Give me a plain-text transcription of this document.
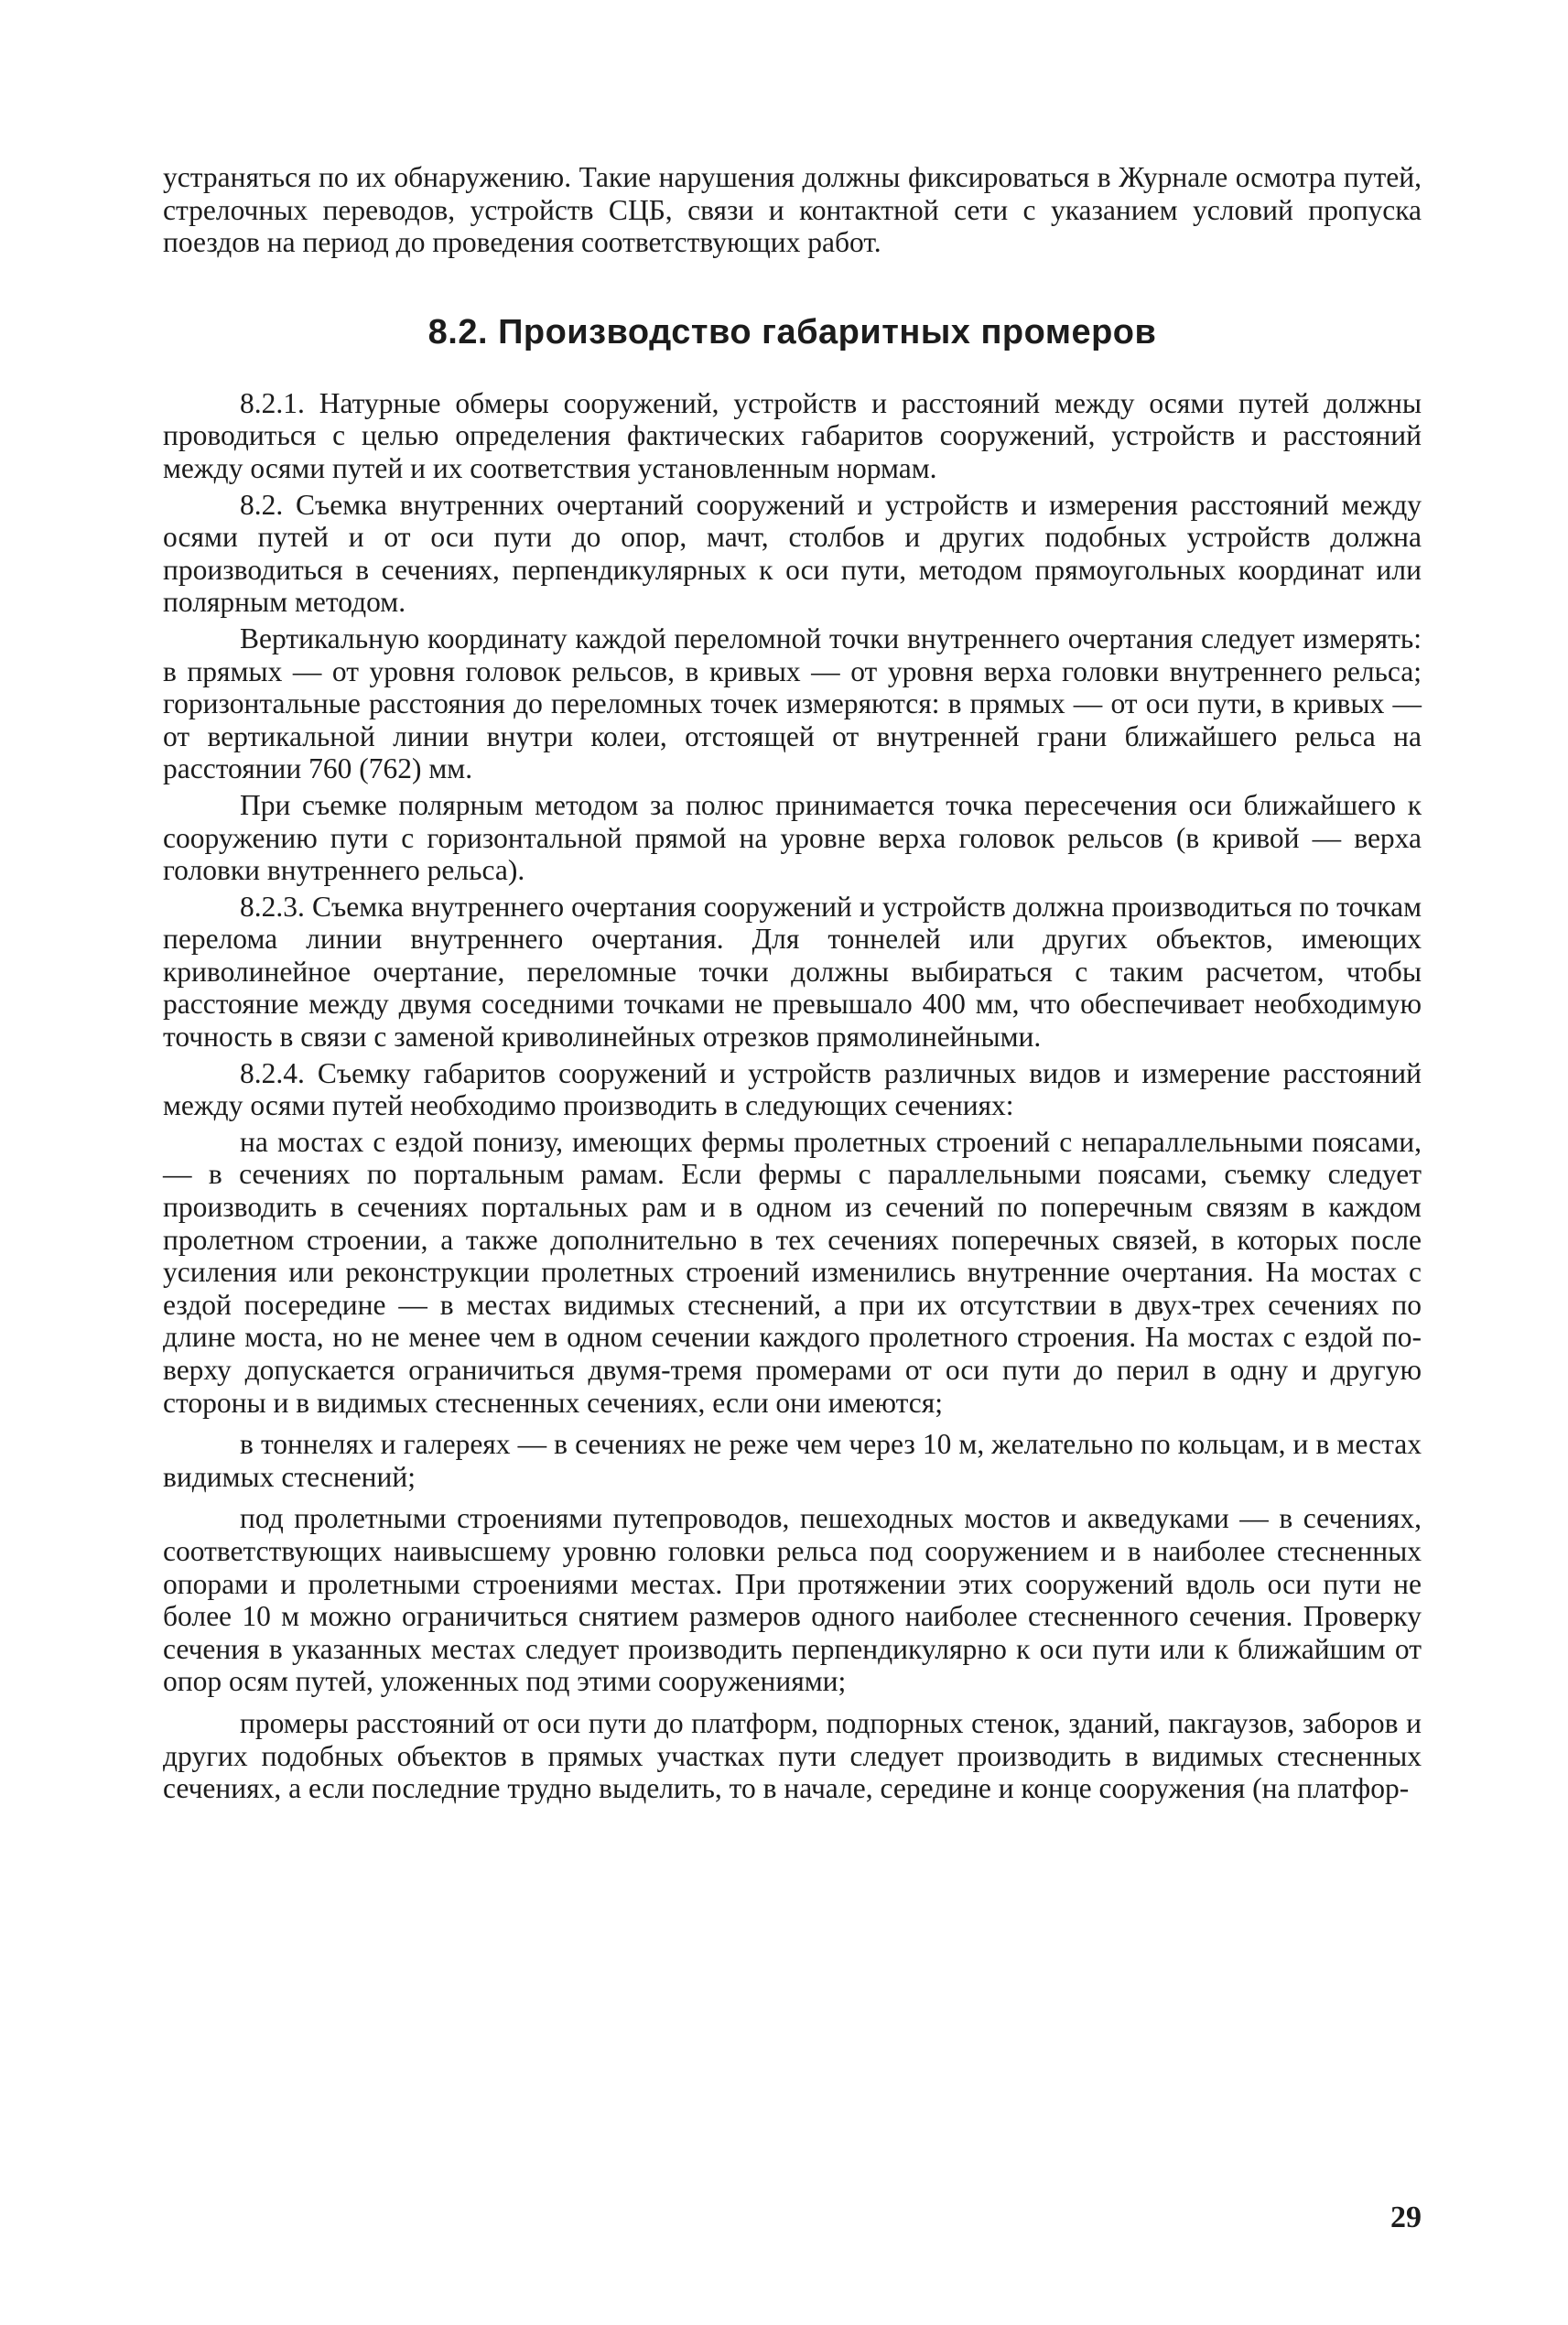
устраняться по их обнаружению. Такие нарушения должны фиксироваться в Журнале осмотра путей, стрелочных переводов, устройств СЦБ, связи и контактной сети с указанием условий пропуска поездов на период до проведения соответствующих работ.

8.2. Производство габаритных промеров

8.2.1. Натурные обмеры сооружений, устройств и расстояний между осями путей должны проводиться с целью определения фактических габаритов сооружений, устройств и расстояний между осями путей и их соответствия установленным нормам.

8.2. Съемка внутренних очертаний сооружений и устройств и измерения расстояний между осями путей и от оси пути до опор, мачт, столбов и других подобных устройств должна производиться в сечениях, перпендикулярных к оси пути, методом прямоугольных координат или полярным методом.

Вертикальную координату каждой переломной точки внутреннего очертания следует измерять: в прямых — от уровня головок рельсов, в кривых — от уровня верха головки внутреннего рельса; горизонтальные расстояния до переломных точек измеряются: в прямых — от оси пути, в кривых — от вертикальной линии внутри колеи, отстоящей от внутренней грани ближайшего рельса на расстоянии 760 (762) мм.

При съемке полярным методом за полюс принимается точка пересечения оси ближайшего к сооружению пути с горизонтальной прямой на уровне верха головок рельсов (в кривой — верха головки внутреннего рельса).

8.2.3. Съемка внутреннего очертания сооружений и устройств должна производиться по точкам перелома линии внутреннего очертания. Для тоннелей или других объектов, имеющих криволинейное очертание, переломные точки должны выбираться с таким расчетом, чтобы расстояние между двумя соседними точками не превышало 400 мм, что обеспечивает необходимую точность в связи с заменой криволинейных отрезков прямолинейными.

8.2.4. Съемку габаритов сооружений и устройств различных видов и измерение расстояний между осями путей необходимо производить в следующих сечениях:

на мостах с ездой понизу, имеющих фермы пролетных строений с непараллельными поясами, — в сечениях по портальным рамам. Если фермы с параллельными поясами, съемку следует производить в сечениях портальных рам и в одном из сечений по поперечным связям в каждом пролетном строении, а также дополнительно в тех сечениях поперечных связей, в которых после усиления или реконструкции пролетных строений изменились внутренние очертания. На мостах с ездой посередине — в местах видимых стеснений, а при их отсутствии в двух-трех сечениях по длине моста, но не менее чем в одном сечении каждого пролетного строения. На мостах с ездой поверху допускается ограничиться двумя-тремя промерами от оси пути до перил в одну и другую стороны и в видимых стесненных сечениях, если они имеются;

в тоннелях и галереях — в сечениях не реже чем через 10 м, желательно по кольцам, и в местах видимых стеснений;

под пролетными строениями путепроводов, пешеходных мостов и акведуками — в сечениях, соответствующих наивысшему уровню головки рельса под сооружением и в наиболее стесненных опорами и пролетными строениями местах. При протяжении этих сооружений вдоль оси пути не более 10 м можно ограничиться снятием размеров одного наиболее стесненного сечения. Проверку сечения в указанных местах следует производить перпендикулярно к оси пути или к ближайшим от опор осям путей, уложенных под этими сооружениями;

промеры расстояний от оси пути до платформ, подпорных стенок, зданий, пакгаузов, заборов и других подобных объектов в прямых участках пути следует производить в видимых стесненных сечениях, а если последние трудно выделить, то в начале, середине и конце сооружения (на платфор-

29
